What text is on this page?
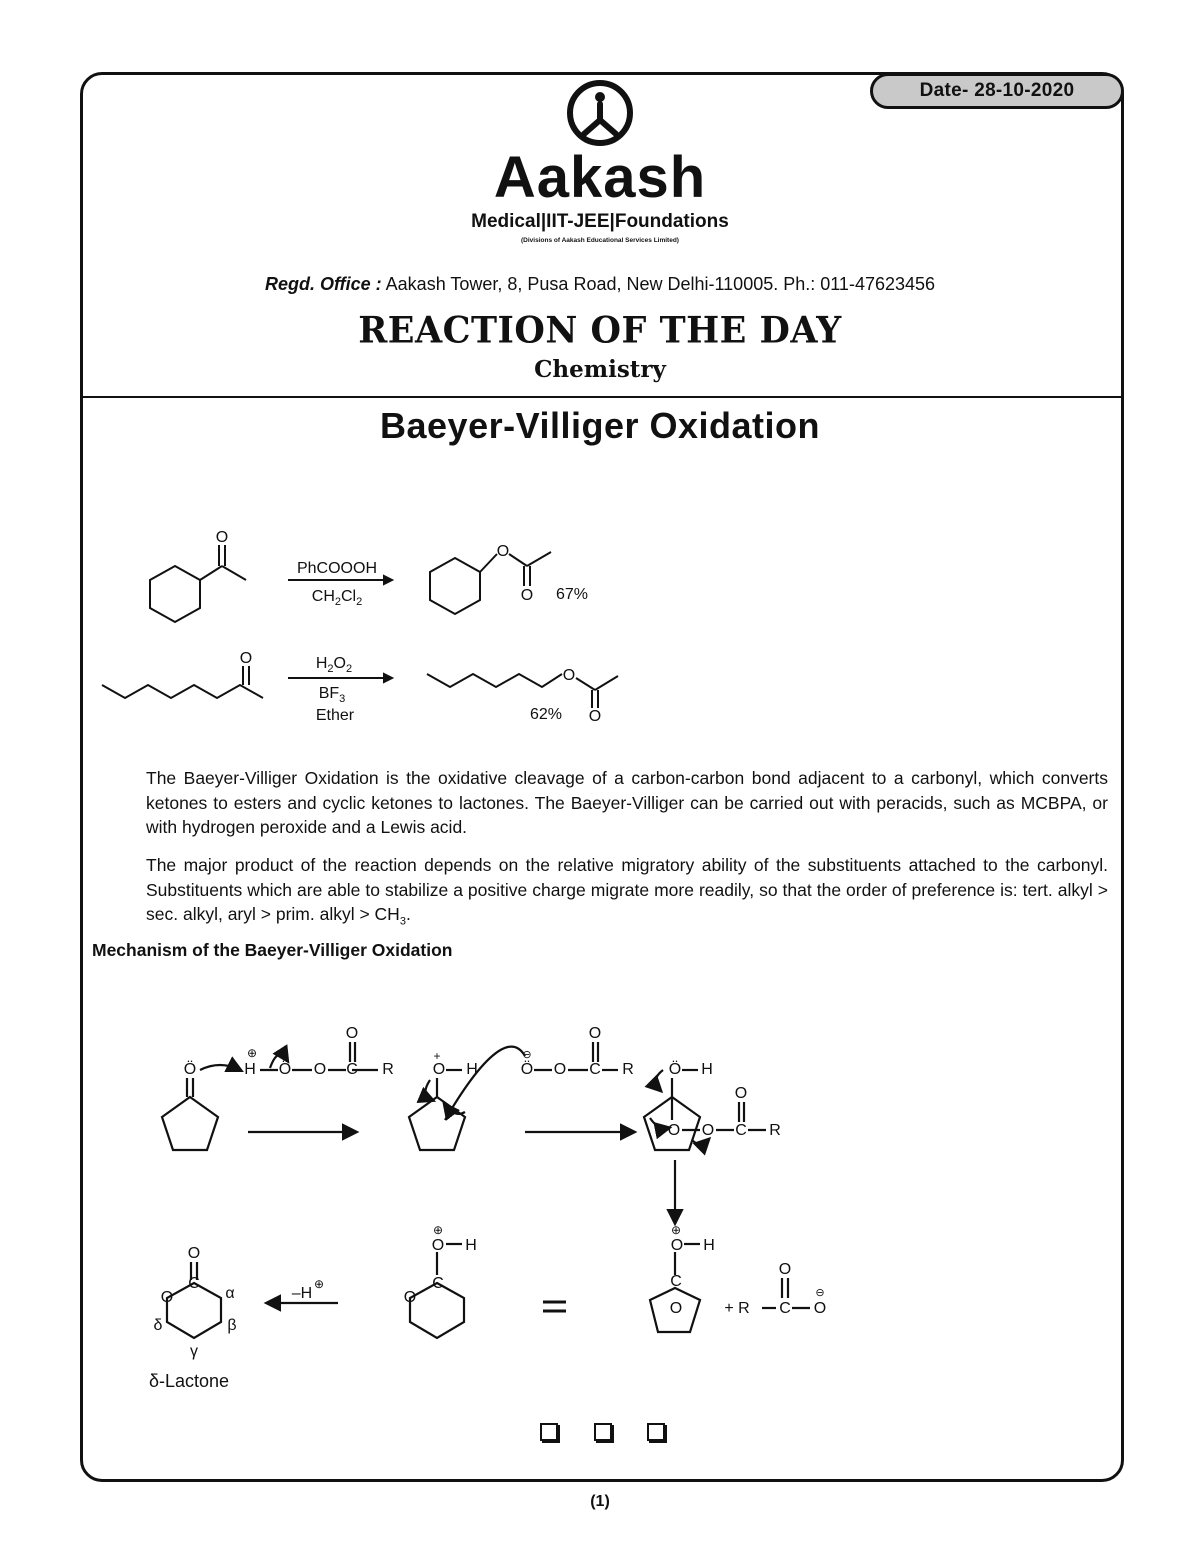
Date- 28-10-2020
Aakash
Medical|IIT-JEE|Foundations
(Divisions of Aakash Educational Services Limited)
Regd. Office : Aakash Tower, 8, Pusa Road, New Delhi-110005. Ph.: 011-47623456
REACTION OF THE DAY
Chemistry
Baeyer-Villiger Oxidation
O
O
O
O
O
O
PhCOOOH
$CH_2Cl_2$	67%
$H_2O_2$
$BF_3$
Ether	62%

The Baeyer-Villiger Oxidation is the oxidative cleavage of a carbon-carbon bond adjacent to a carbonyl, which converts ketones to esters and cyclic ketones to lactones. The Baeyer-Villiger can be carried out with peracids, such as MCBPA, or with hydrogen peroxide and a Lewis acid.

The major product of the reaction depends on the relative migratory ability of the substituents attached to the carbonyl. Substituents which are able to stabilize a positive charge migrate more readily, so that the order of preference is: tert. alkyl > sec. alkyl, aryl > prim. alkyl > $CH_3$.

Mechanism of the Baeyer-Villiger Oxidation
Ö	H
⊕
Ö O C
O
R O
+
H	Ö
⊖
O C
O
R Ö H
O O C
O
R
O
⊕
H
C
O	+ R C
O
O
⊖
O
⊕
H
C
O
–H
⊕
O
C
O	α
β
γ
δ
δ-Lactone
(1)
